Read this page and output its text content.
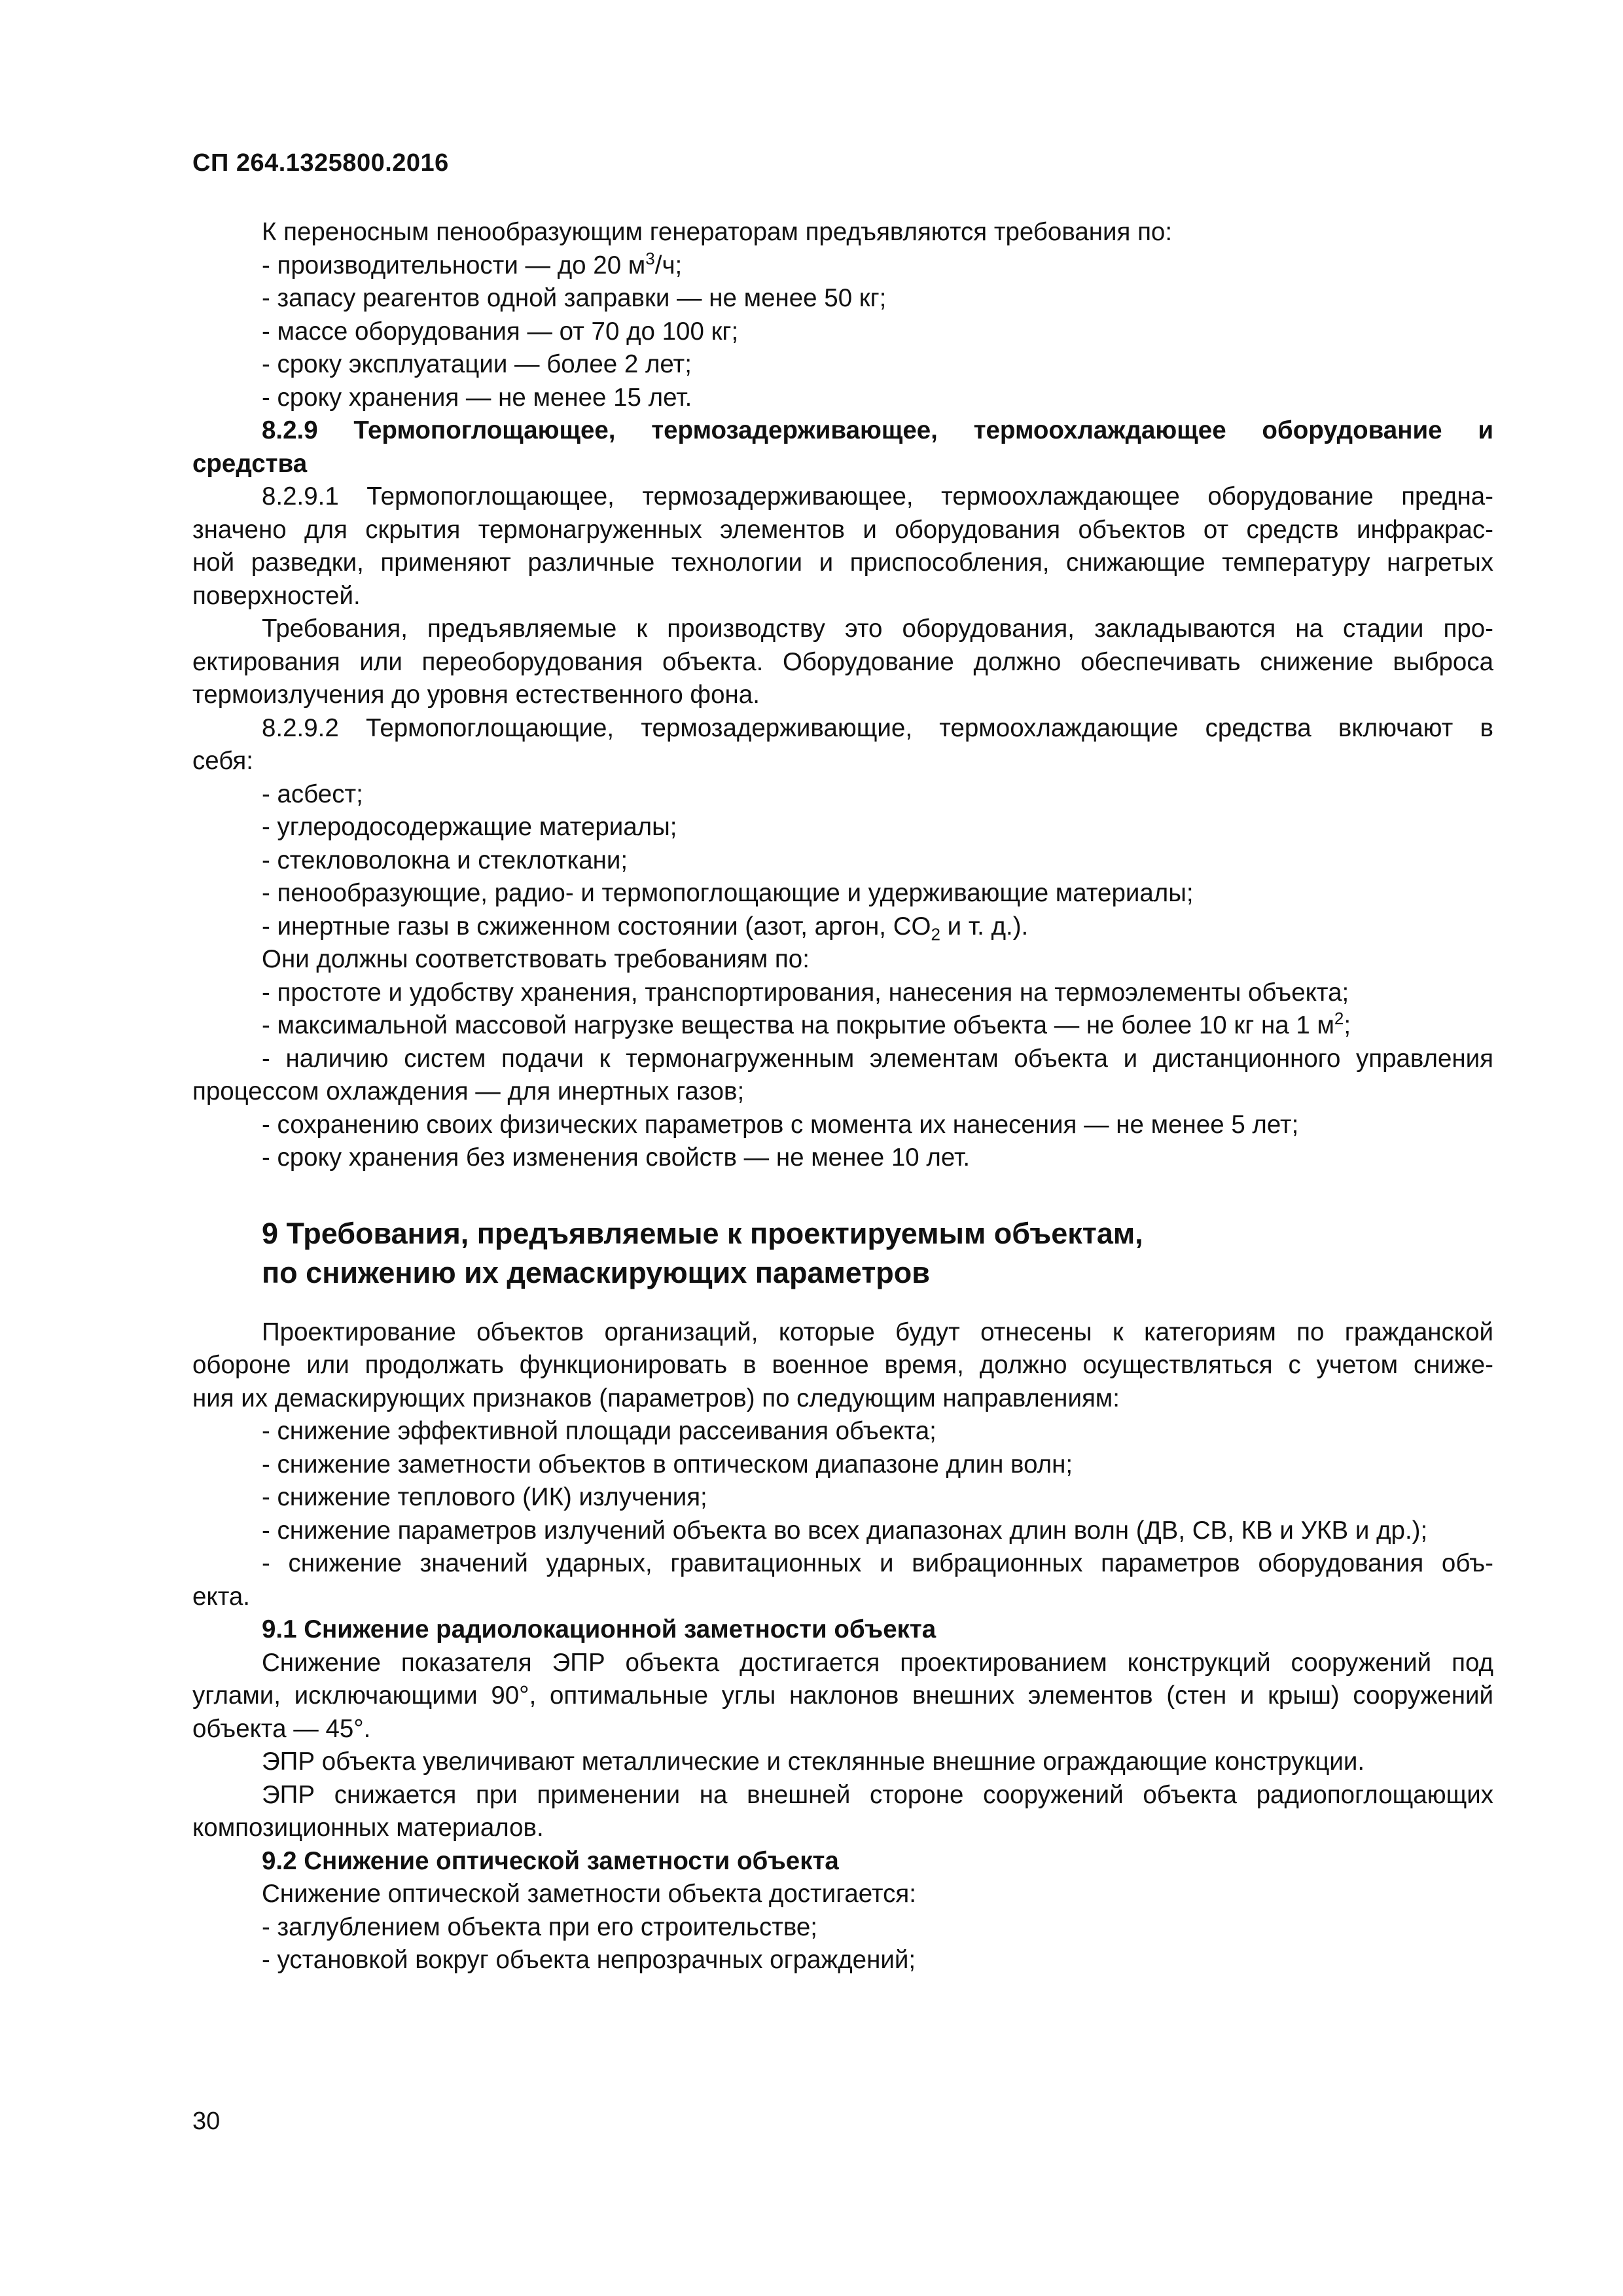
СП 264.1325800.2016

К переносным пенообразующим генераторам предъявляются требования по:

- производительности — до 20 $м^3/ч$;

- запасу реагентов одной заправки — не менее 50 кг;

- массе оборудования — от 70 до 100 кг;

- сроку эксплуатации — более 2 лет;

- сроку хранения — не менее 15 лет.

8.2.9 Термопоглощающее, термозадерживающее, термоохлаждающее оборудование и

средства

8.2.9.1 Термопоглощающее, термозадерживающее, термоохлаждающее оборудование предна-

значено для скрытия термонагруженных элементов и оборудования объектов от средств инфракрас-

ной разведки, применяют различные технологии и приспособления, снижающие температуру нагретых

поверхностей.

Требования, предъявляемые к производству это оборудования, закладываются на стадии про-

ектирования или переоборудования объекта. Оборудование должно обеспечивать снижение выброса

термоизлучения до уровня естественного фона.

8.2.9.2 Термопоглощающие, термозадерживающие, термоохлаждающие средства включают в

себя:

- асбест;

- углеродосодержащие материалы;

- стекловолокна и стеклоткани;

- пенообразующие, радио- и термопоглощающие и удерживающие материалы;

- инертные газы в сжиженном состоянии (азот, аргон, $CO_2$ и т. д.).

Они должны соответствовать требованиям по:

- простоте и удобству хранения, транспортирования, нанесения на термоэлементы объекта;

- максимальной массовой нагрузке вещества на покрытие объекта — не более 10 кг на 1 $м^2$;

- наличию систем подачи к термонагруженным элементам объекта и дистанционного управления

процессом охлаждения — для инертных газов;

- сохранению своих физических параметров с момента их нанесения — не менее 5 лет;

- сроку хранения без изменения свойств — не менее 10 лет.

9 Требования, предъявляемые к проектируемым объектам,
по снижению их демаскирующих параметров

Проектирование объектов организаций, которые будут отнесены к категориям по гражданской

обороне или продолжать функционировать в военное время, должно осуществляться с учетом сниже-

ния их демаскирующих признаков (параметров) по следующим направлениям:

- снижение эффективной площади рассеивания объекта;

- снижение заметности объектов в оптическом диапазоне длин волн;

- снижение теплового (ИК) излучения;

- снижение параметров излучений объекта во всех диапазонах длин волн (ДВ, СВ, КВ и УКВ и др.);

- снижение значений ударных, гравитационных и вибрационных параметров оборудования объ-

екта.

9.1 Снижение радиолокационной заметности объекта

Снижение показателя ЭПР объекта достигается проектированием конструкций сооружений под

углами, исключающими 90°, оптимальные углы наклонов внешних элементов (стен и крыш) сооружений

объекта — 45°.

ЭПР объекта увеличивают металлические и стеклянные внешние ограждающие конструкции.

ЭПР снижается при применении на внешней стороне сооружений объекта радиопоглощающих

композиционных материалов.

9.2 Снижение оптической заметности объекта

Снижение оптической заметности объекта достигается:

- заглублением объекта при его строительстве;

- установкой вокруг объекта непрозрачных ограждений;

30
